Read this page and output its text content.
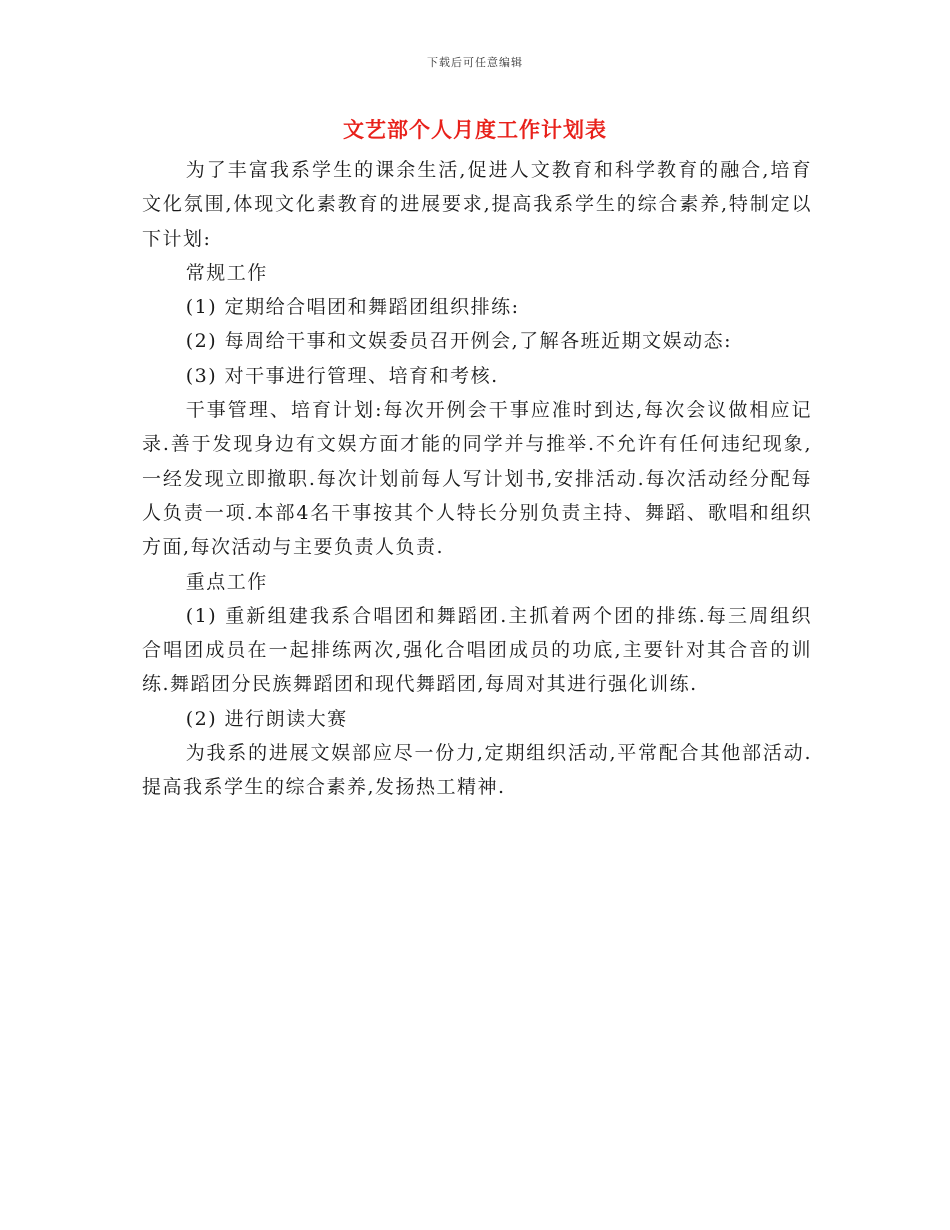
下载后可任意编辑
文艺部个人月度工作计划表

为了丰富我系学生的课余生活,促进人文教育和科学教育的融合,培育文化氛围,体现文化素教育的进展要求,提高我系学生的综合素养,特制定以下计划:

常规工作

(1) 定期给合唱团和舞蹈团组织排练:

(2) 每周给干事和文娱委员召开例会,了解各班近期文娱动态:

(3) 对干事进行管理、培育和考核.

干事管理、培育计划:每次开例会干事应准时到达,每次会议做相应记录.善于发现身边有文娱方面才能的同学并与推举.不允许有任何违纪现象,一经发现立即撤职.每次计划前每人写计划书,安排活动.每次活动经分配每人负责一项.本部4名干事按其个人特长分别负责主持、舞蹈、歌唱和组织方面,每次活动与主要负责人负责.

重点工作

(1) 重新组建我系合唱团和舞蹈团.主抓着两个团的排练.每三周组织合唱团成员在一起排练两次,强化合唱团成员的功底,主要针对其合音的训练.舞蹈团分民族舞蹈团和现代舞蹈团,每周对其进行强化训练.

(2) 进行朗读大赛

为我系的进展文娱部应尽一份力,定期组织活动,平常配合其他部活动.提高我系学生的综合素养,发扬热工精神.
